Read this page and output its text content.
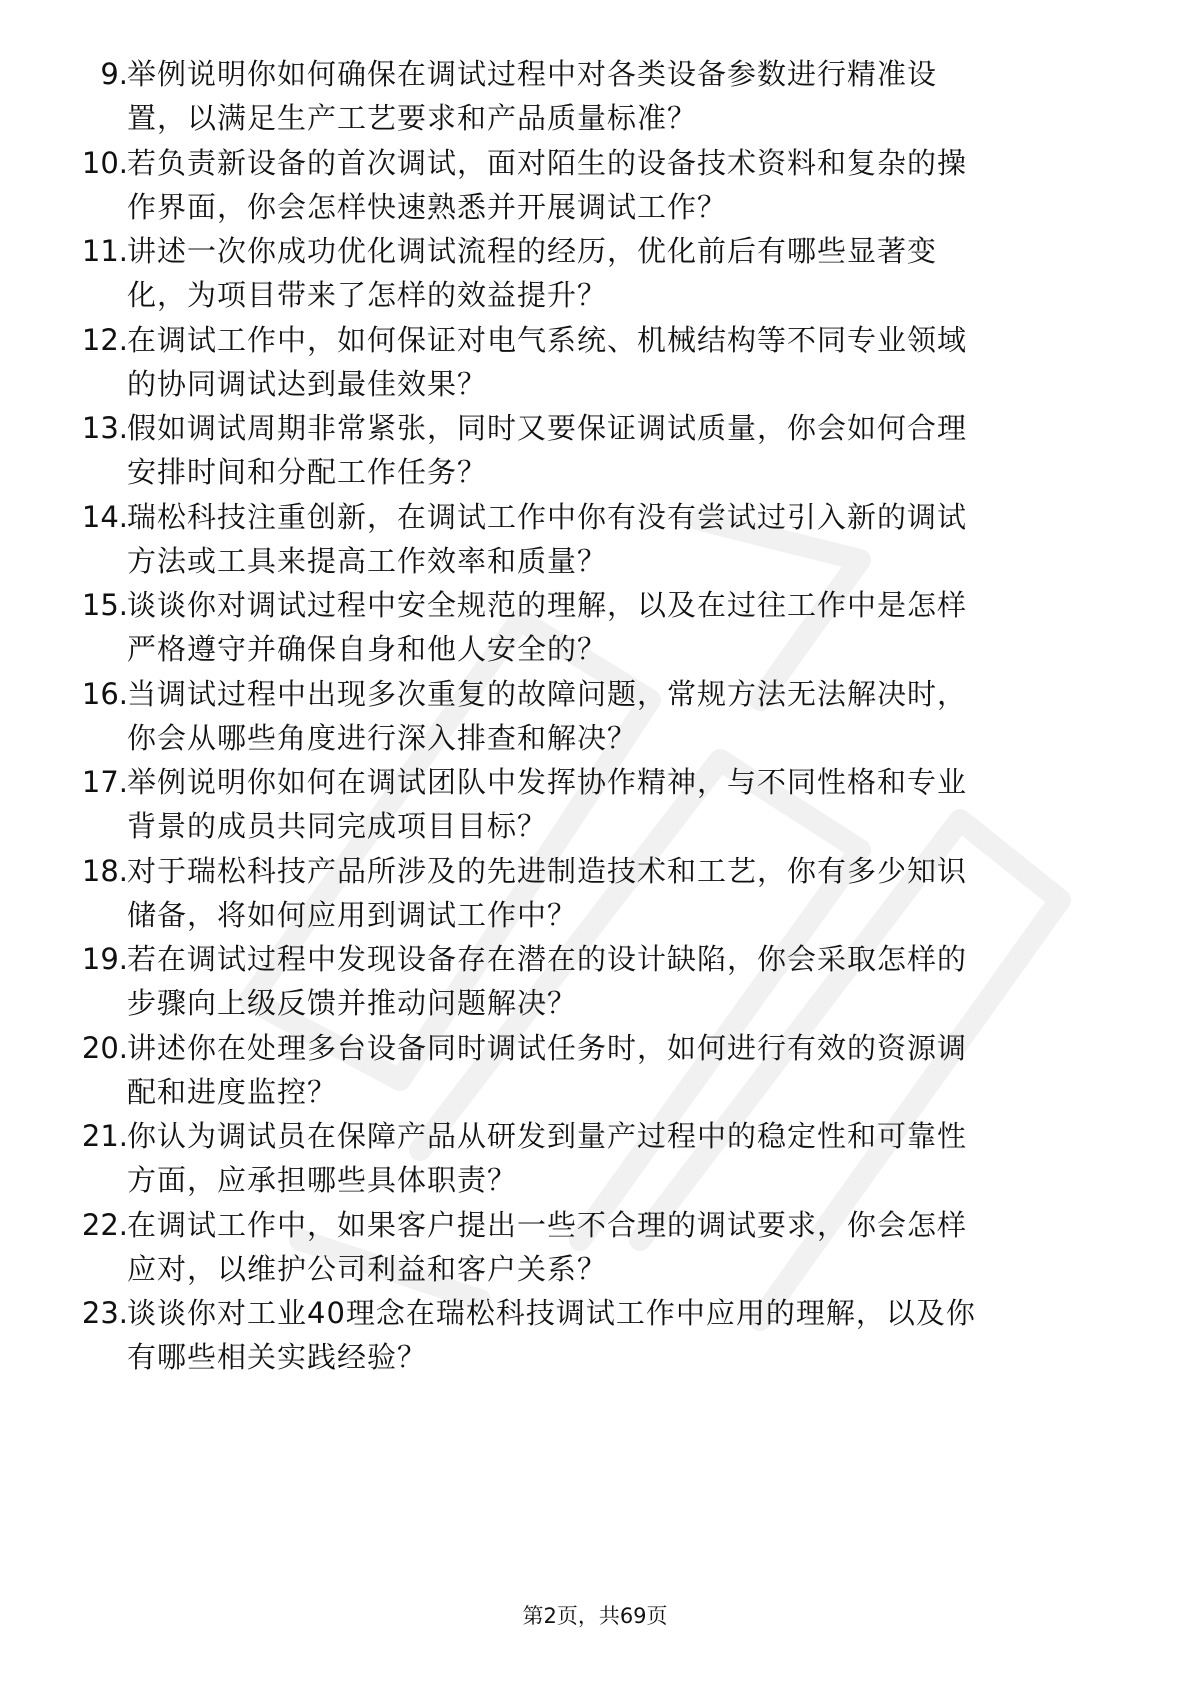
9. 举例说明你如何确保在调试过程中对各类设备参数进行精准设
置，以满足生产工艺要求和产品质量标准？
10. 若负责新设备的首次调试，面对陌生的设备技术资料和复杂的操
作界面，你会怎样快速熟悉并开展调试工作？
11. 讲述一次你成功优化调试流程的经历，优化前后有哪些显著变
化，为项目带来了怎样的效益提升？
12. 在调试工作中，如何保证对电气系统、机械结构等不同专业领域
的协同调试达到最佳效果？
13. 假如调试周期非常紧张，同时又要保证调试质量，你会如何合理
安排时间和分配工作任务？
14. 瑞松科技注重创新，在调试工作中你有没有尝试过引入新的调试
方法或工具来提高工作效率和质量？
15. 谈谈你对调试过程中安全规范的理解，以及在过往工作中是怎样
严格遵守并确保自身和他人安全的？
16. 当调试过程中出现多次重复的故障问题，常规方法无法解决时，
你会从哪些角度进行深入排查和解决？
17. 举例说明你如何在调试团队中发挥协作精神，与不同性格和专业
背景的成员共同完成项目目标？
18. 对于瑞松科技产品所涉及的先进制造技术和工艺，你有多少知识
储备，将如何应用到调试工作中？
19. 若在调试过程中发现设备存在潜在的设计缺陷，你会采取怎样的
步骤向上级反馈并推动问题解决？
20. 讲述你在处理多台设备同时调试任务时，如何进行有效的资源调
配和进度监控？
21. 你认为调试员在保障产品从研发到量产过程中的稳定性和可靠性
方面，应承担哪些具体职责？
22. 在调试工作中，如果客户提出一些不合理的调试要求，你会怎样
应对，以维护公司利益和客户关系？
23. 谈谈你对工业40理念在瑞松科技调试工作中应用的理解，以及你
有哪些相关实践经验？
第2页，共69页
